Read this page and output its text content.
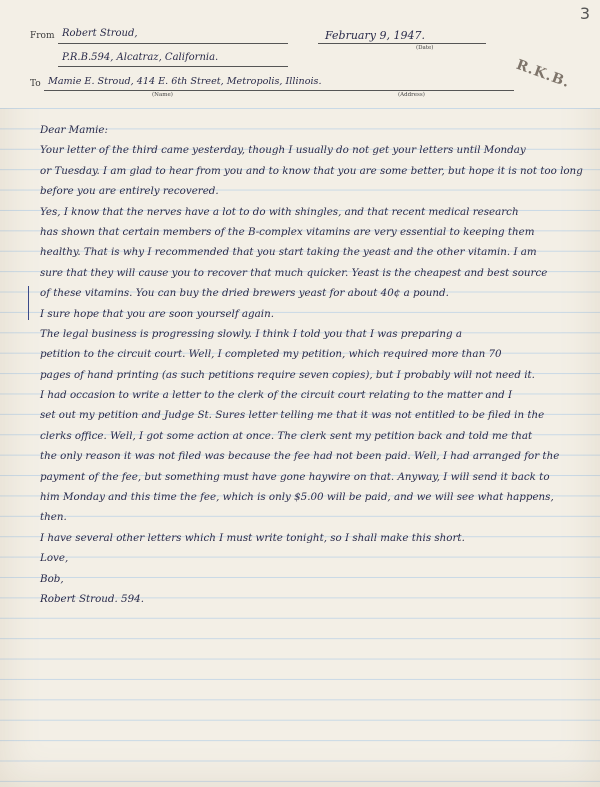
3
From Robert Stroud,	February 9, 1947.
(Date)
P.R.B.594, Alcatraz, California.
To Mamie E. Stroud, 414 E. 6th Street, Metropolis, Illinois.
(Name)	(Address)
R.K.B.
Dear Mamie:
Your letter of the third came yesterday, though I usually do not get your letters until Monday
or Tuesday. I am glad to hear from you and to know that you are some better, but hope it is not too long
before you are entirely recovered.
Yes, I know that the nerves have a lot to do with shingles, and that recent medical research
has shown that certain members of the B-complex vitamins are very essential to keeping them
healthy. That is why I recommended that you start taking the yeast and the other vitamin. I am
sure that they will cause you to recover that much quicker. Yeast is the cheapest and best source
of these vitamins. You can buy the dried brewers yeast for about 40¢ a pound.
I sure hope that you are soon yourself again.
The legal business is progressing slowly. I think I told you that I was preparing a
petition to the circuit court. Well, I completed my petition, which required more than 70
pages of hand printing (as such petitions require seven copies), but I probably will not need it.
I had occasion to write a letter to the clerk of the circuit court relating to the matter and I
set out my petition and Judge St. Sures letter telling me that it was not entitled to be filed in the
clerks office. Well, I got some action at once. The clerk sent my petition back and told me that
the only reason it was not filed was because the fee had not been paid. Well, I had arranged for the
payment of the fee, but something must have gone haywire on that. Anyway, I will send it back to
him Monday and this time the fee, which is only $5.00 will be paid, and we will see what happens,
then.
I have several other letters which I must write tonight, so I shall make this short.
Love,
Bob,
Robert Stroud. 594.
